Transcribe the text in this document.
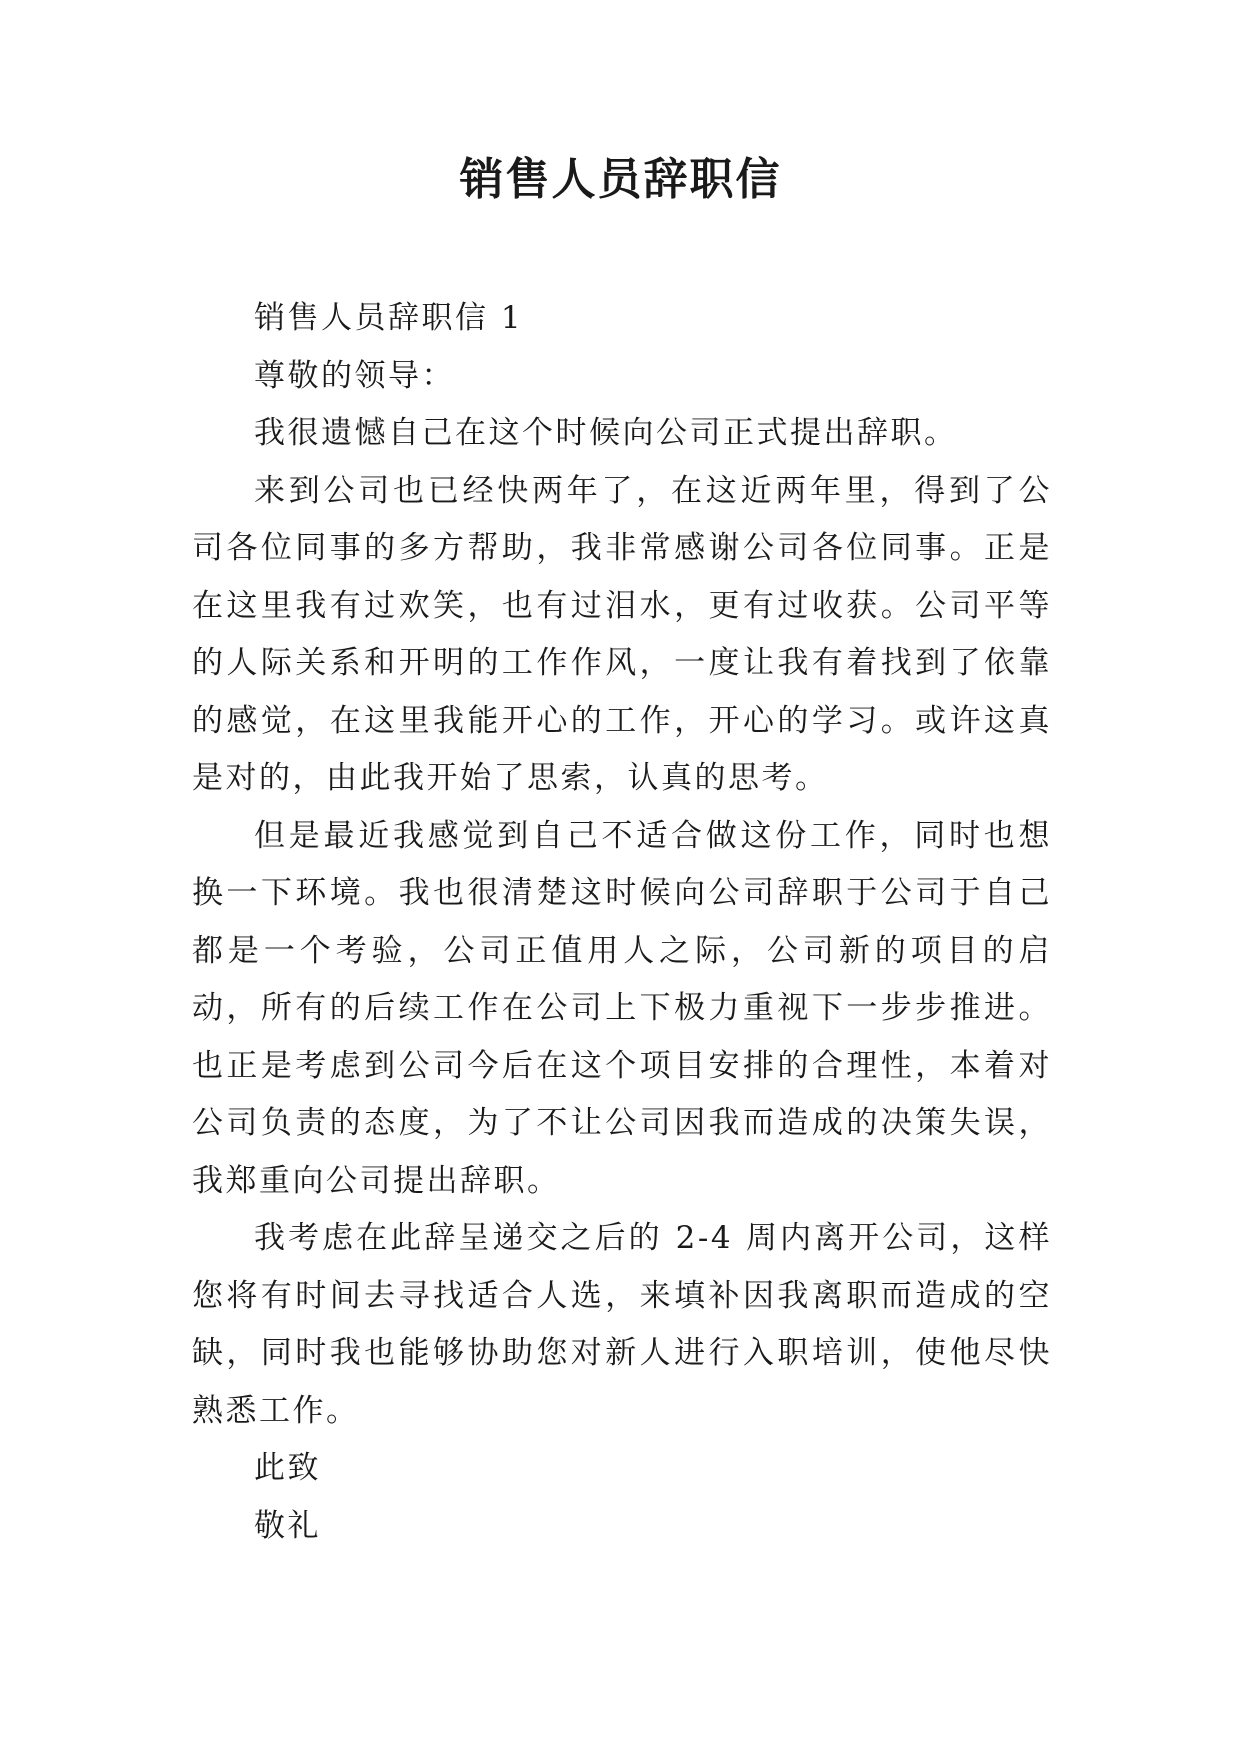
销售人员辞职信

销售人员辞职信 1

尊敬的领导：

我很遗憾自己在这个时候向公司正式提出辞职。

来到公司也已经快两年了，在这近两年里，得到了公司各位同事的多方帮助，我非常感谢公司各位同事。正是在这里我有过欢笑，也有过泪水，更有过收获。公司平等的人际关系和开明的工作作风，一度让我有着找到了依靠的感觉，在这里我能开心的工作，开心的学习。或许这真是对的，由此我开始了思索，认真的思考。

但是最近我感觉到自己不适合做这份工作，同时也想换一下环境。我也很清楚这时候向公司辞职于公司于自己都是一个考验，公司正值用人之际，公司新的项目的启动，所有的后续工作在公司上下极力重视下一步步推进。也正是考虑到公司今后在这个项目安排的合理性，本着对公司负责的态度，为了不让公司因我而造成的决策失误，我郑重向公司提出辞职。

我考虑在此辞呈递交之后的 2-4 周内离开公司，这样您将有时间去寻找适合人选，来填补因我离职而造成的空缺，同时我也能够协助您对新人进行入职培训，使他尽快熟悉工作。

此致

敬礼
